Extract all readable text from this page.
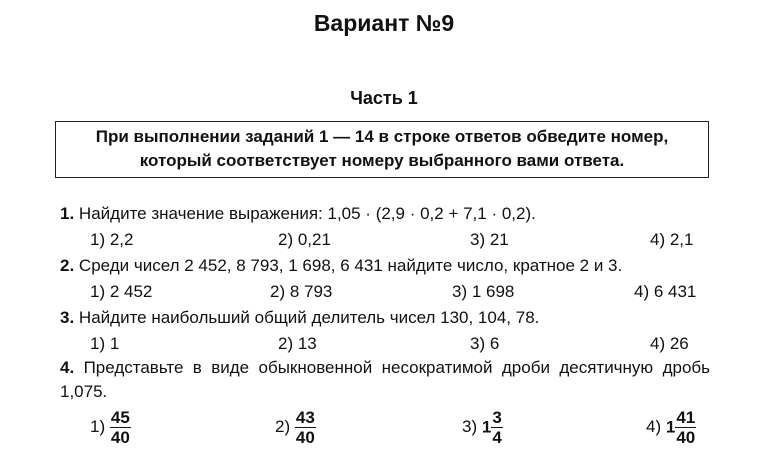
Вариант №9
Часть 1
При выполнении заданий 1 — 14 в строке ответов обведите номер,
который соответствует номеру выбранного вами ответа.
1. Найдите значение выражения: 1,05 · (2,9 · 0,2 + 7,1 · 0,2).
1) 2,2	2) 0,21	3) 21	4) 2,1
2. Среди чисел 2 452, 8 793, 1 698, 6 431 найдите число, кратное 2 и 3.
1) 2 452	2) 8 793	3) 1 698	4) 6 431
3. Найдите наибольший общий делитель чисел 130, 104, 78.
1) 1	2) 13	3) 6	4) 26
4. Представьте в виде обыкновенной несократимой дроби десятичную дробь 1,075.
$1) \frac{45}{40}$	$2) \frac{43}{40}$	3) $1 \frac{3}{4}$	4) $1 \frac{41}{40}$
